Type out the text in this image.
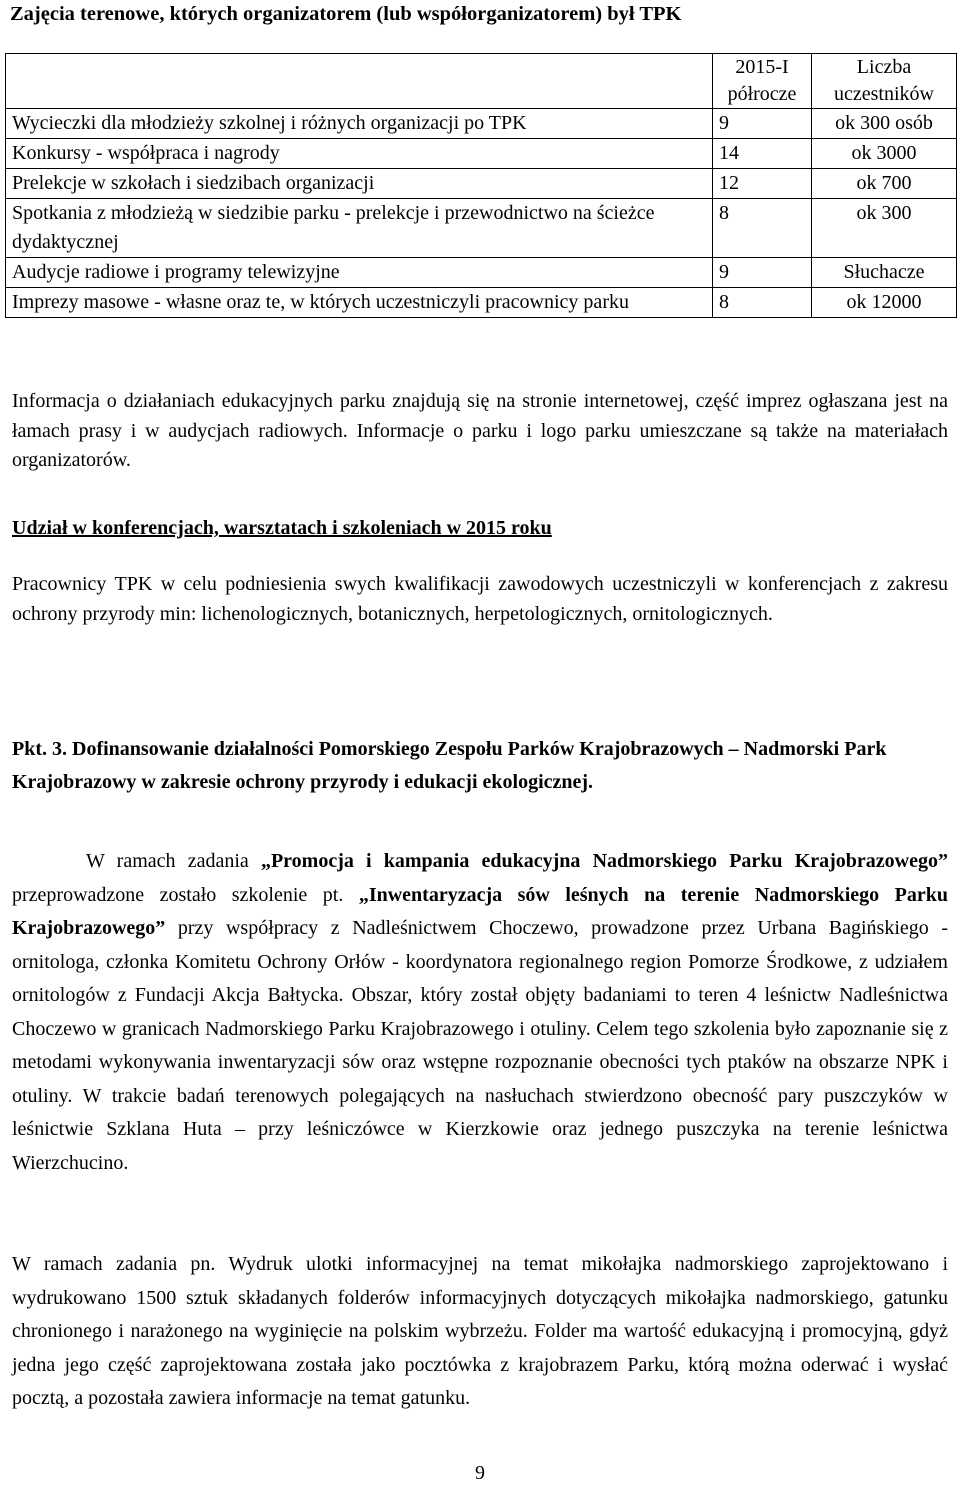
Zajęcia terenowe, których organizatorem (lub współorganizatorem) był TPK
	2015-I półrocze	Liczba uczestników
Wycieczki dla młodzieży szkolnej i różnych organizacji po TPK	9	ok 300 osób
Konkursy - współpraca i nagrody	14	ok 3000
Prelekcje w szkołach i siedzibach organizacji	12	ok 700
Spotkania z młodzieżą w siedzibie parku - prelekcje i przewodnictwo na ścieżce dydaktycznej	8	ok 300
Audycje radiowe i programy telewizyjne	9	Słuchacze
Imprezy masowe - własne oraz te, w których uczestniczyli pracownicy parku	8	ok 12000

Informacja o działaniach edukacyjnych parku znajdują się na stronie internetowej, część imprez ogłaszana jest na łamach prasy i w audycjach radiowych. Informacje o parku i logo parku umieszczane są także na materiałach organizatorów.

Udział w konferencjach, warsztatach i szkoleniach w 2015 roku

Pracownicy TPK w celu podniesienia swych kwalifikacji zawodowych uczestniczyli w konferencjach z zakresu ochrony przyrody min: lichenologicznych, botanicznych, herpetologicznych, ornitologicznych.

Pkt. 3. Dofinansowanie działalności Pomorskiego Zespołu Parków Krajobrazowych – Nadmorski Park Krajobrazowy w zakresie ochrony przyrody i edukacji ekologicznej.

W ramach zadania „Promocja i kampania edukacyjna Nadmorskiego Parku Krajobrazowego” przeprowadzone zostało szkolenie pt. „Inwentaryzacja sów leśnych na terenie Nadmorskiego Parku Krajobrazowego” przy współpracy z Nadleśnictwem Choczewo, prowadzone przez Urbana Bagińskiego - ornitologa, członka Komitetu Ochrony Orłów - koordynatora regionalnego region Pomorze Środkowe, z udziałem ornitologów z Fundacji Akcja Bałtycka. Obszar, który został objęty badaniami to teren 4 leśnictw Nadleśnictwa Choczewo w granicach Nadmorskiego Parku Krajobrazowego i otuliny. Celem tego szkolenia było zapoznanie się z metodami wykonywania inwentaryzacji sów oraz wstępne rozpoznanie obecności tych ptaków na obszarze NPK i otuliny. W trakcie badań terenowych polegających na nasłuchach stwierdzono obecność pary puszczyków w leśnictwie Szklana Huta – przy leśniczówce w Kierzkowie oraz jednego puszczyka na terenie leśnictwa Wierzchucino.

W ramach zadania pn. Wydruk ulotki informacyjnej na temat mikołajka nadmorskiego zaprojektowano i wydrukowano 1500 sztuk składanych folderów informacyjnych dotyczących mikołajka nadmorskiego, gatunku chronionego i narażonego na wyginięcie na polskim wybrzeżu. Folder ma wartość edukacyjną i promocyjną, gdyż jedna jego część zaprojektowana została jako pocztówka z krajobrazem Parku, którą można oderwać i wysłać pocztą, a pozostała zawiera informacje na temat gatunku.

9
